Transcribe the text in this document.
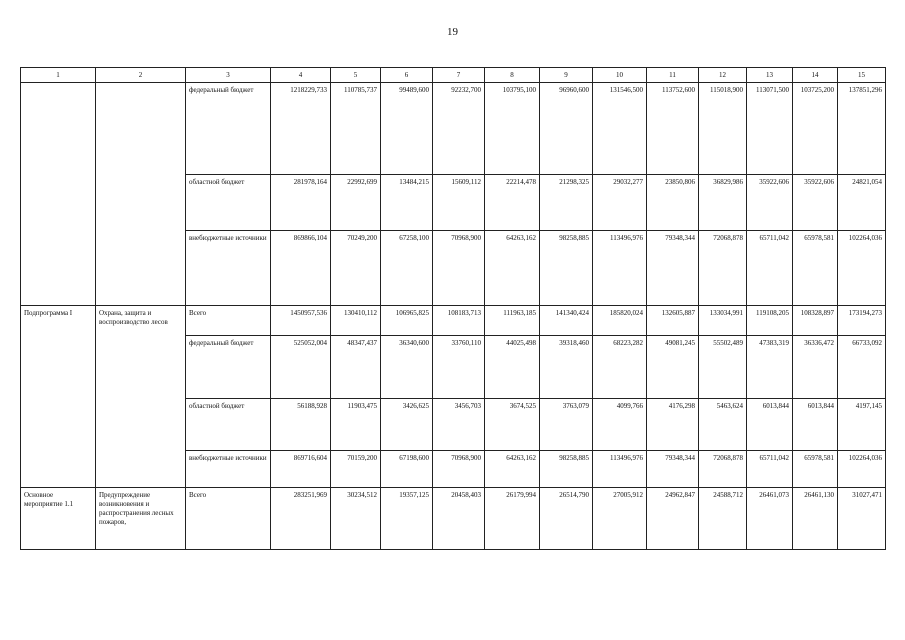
19
1	2	3	4	5	6	7	8	9	10	11	12	13	14	15
		федеральный бюджет	1218229,733	110785,737	99489,600	92232,700	103795,100	96960,600	131546,500	113752,600	115018,900	113071,500	103725,200	137851,296
		областной бюджет	281978,164	22992,699	13484,215	15609,112	22214,478	21298,325	29032,277	23850,806	36829,986	35922,606	35922,606	24821,054
		внебюджетные источники	869866,104	70249,200	67258,100	70968,900	64263,162	98258,885	113496,976	79348,344	72068,878	65711,042	65978,581	102264,036
Подпрограмма I	Охрана, защита и воспроизводство лесов	Всего	1450957,536	130410,112	106965,825	108183,713	111963,185	141340,424	185820,024	132605,887	133034,991	119108,205	108328,897	173194,273
		федеральный бюджет	525052,004	48347,437	36340,600	33760,110	44025,498	39318,460	68223,282	49081,245	55502,489	47383,319	36336,472	66733,092
		областной бюджет	56188,928	11903,475	3426,625	3456,703	3674,525	3763,079	4099,766	4176,298	5463,624	6013,844	6013,844	4197,145
		внебюджетные источники	869716,604	70159,200	67198,600	70968,900	64263,162	98258,885	113496,976	79348,344	72068,878	65711,042	65978,581	102264,036
Основное мероприятие 1.1	Предупреждение возникновения и распространения лесных пожаров,	Всего	283251,969	30234,512	19357,125	20458,403	26179,994	26514,790	27005,912	24962,847	24588,712	26461,073	26461,130	31027,471
